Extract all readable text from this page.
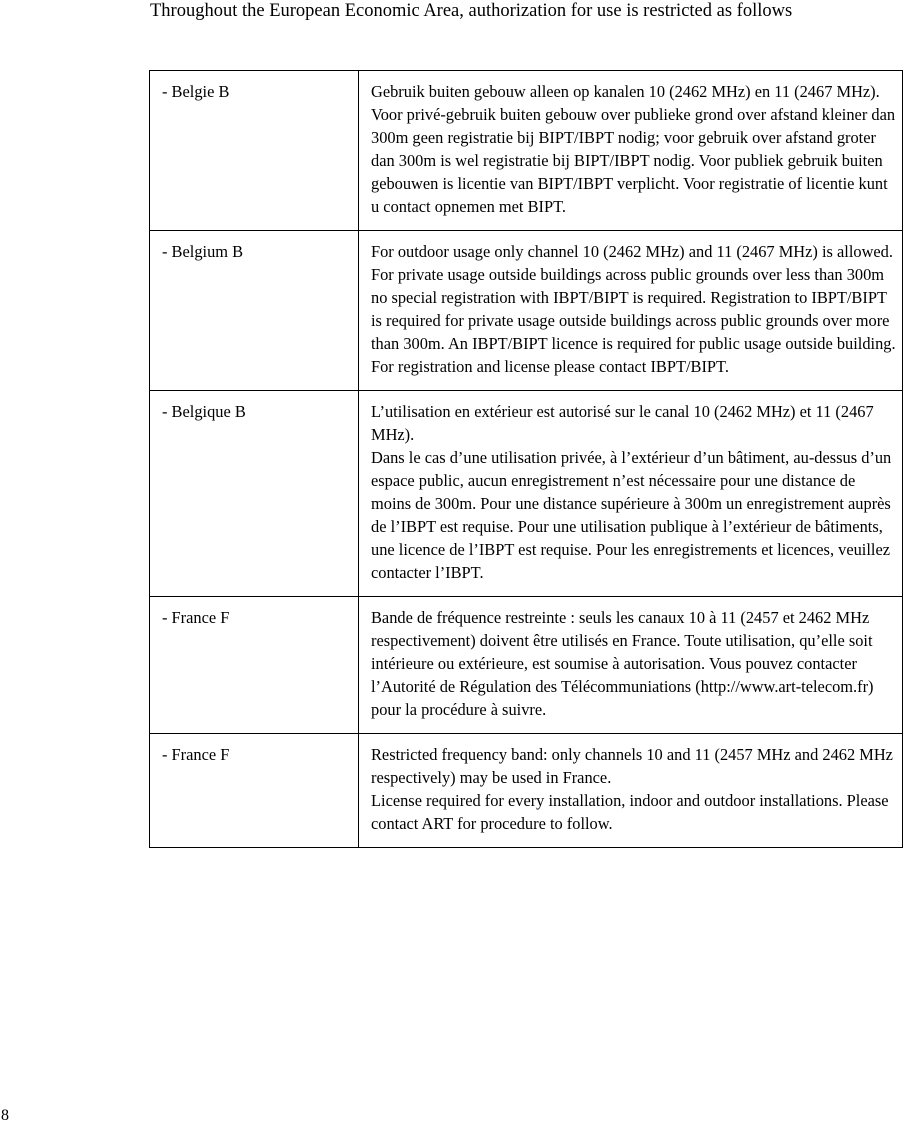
Throughout the European Economic Area, authorization for use is restricted as follows

- Belgie B	Gebruik buiten gebouw alleen op kanalen 10 (2462 MHz) en 11 (2467 MHz).
Voor privé-gebruik buiten gebouw over publieke grond over afstand kleiner dan 300m geen registratie bij BIPT/IBPT nodig; voor gebruik over afstand groter dan 300m is wel registratie bij BIPT/IBPT nodig. Voor publiek gebruik buiten gebouwen is licentie van BIPT/IBPT verplicht. Voor registratie of licentie kunt u contact opnemen met BIPT.

- Belgium B	For outdoor usage only channel 10 (2462 MHz) and 11 (2467 MHz) is allowed.
For private usage outside buildings across public grounds over less than 300m no special registration with IBPT/BIPT is required. Registration to IBPT/BIPT is required for private usage outside buildings across public grounds over more than 300m. An IBPT/BIPT licence is required for public usage outside building. For registration and license please contact IBPT/BIPT.

- Belgique B	L’utilisation en extérieur est autorisé sur le canal 10 (2462 MHz) et 11 (2467 MHz).
Dans le cas d’une utilisation privée, à l’extérieur d’un bâtiment, au-dessus d’un espace public, aucun enregistrement n’est nécessaire pour une distance de moins de 300m. Pour une distance supérieure à 300m un enregistrement auprès de l’IBPT est requise. Pour une utilisation publique à l’extérieur de bâtiments, une licence de l’IBPT est requise. Pour les enregistrements et licences, veuillez contacter l’IBPT.

- France F	Bande de fréquence restreinte : seuls les canaux 10 à 11 (2457 et 2462 MHz respectivement) doivent être utilisés en France. Toute utilisation, qu’elle soit intérieure ou extérieure, est soumise à autorisation. Vous pouvez contacter l’Autorité de Régulation des Télécommuniations (http://www.art-telecom.fr) pour la procédure à suivre.

- France F	Restricted frequency band: only channels 10 and 11 (2457 MHz and 2462 MHz respectively) may be used in France.
License required for every installation, indoor and outdoor installations. Please contact ART for procedure to follow.

8
